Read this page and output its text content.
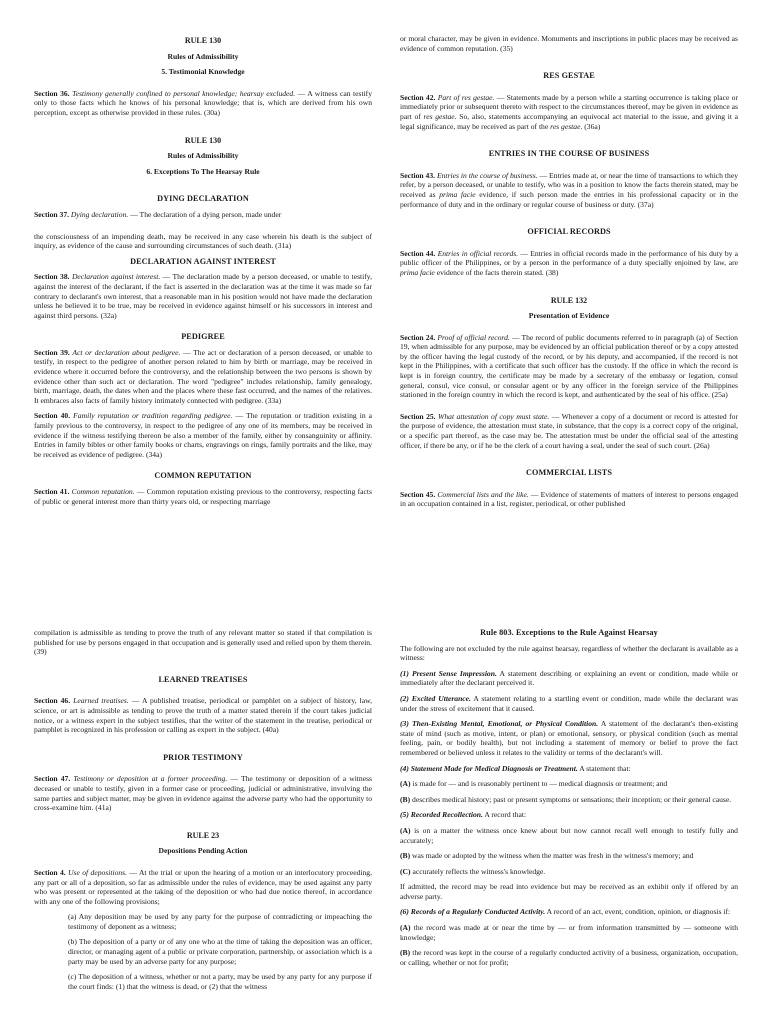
RULE 130

Rules of Admissibility

5. Testimonial Knowledge

Section 36. Testimony generally confined to personal knowledge; hearsay excluded. — A witness can testify only to those facts which he knows of his personal knowledge; that is, which are derived from his own perception, except as otherwise provided in these rules. (30a)

RULE 130

Rules of Admissibility

6. Exceptions To The Hearsay Rule

DYING DECLARATION

Section 37. Dying declaration. — The declaration of a dying person, made under

the consciousness of an impending death, may be received in any case wherein his death is the subject of inquiry, as evidence of the cause and surrounding circumstances of such death. (31a)

DECLARATION AGAINST INTEREST

Section 38. Declaration against interest. — The declaration made by a person deceased, or unable to testify, against the interest of the declarant, if the fact is asserted in the declaration was at the time it was made so far contrary to declarant's own interest, that a reasonable man in his position would not have made the declaration unless he believed it to be true, may be received in evidence against himself or his successors in interest and against third persons. (32a)

PEDIGREE

Section 39. Act or declaration about pedigree. — The act or declaration of a person deceased, or unable to testify, in respect to the pedigree of another person related to him by birth or marriage, may be received in evidence where it occurred before the controversy, and the relationship between the two persons is shown by evidence other than such act or declaration. The word "pedigree" includes relationship, family genealogy, birth, marriage, death, the dates when and the places where these fast occurred, and the names of the relatives. It embraces also facts of family history intimately connected with pedigree. (33a)

Section 40. Family reputation or tradition regarding pedigree. — The reputation or tradition existing in a family previous to the controversy, in respect to the pedigree of any one of its members, may be received in evidence if the witness testifying thereon be also a member of the family, either by consanguinity or affinity. Entries in family bibles or other family books or charts, engravings on rings, family portraits and the like, may be received as evidence of pedigree. (34a)

COMMON REPUTATION

Section 41. Common reputation. — Common reputation existing previous to the controversy, respecting facts of public or general interest more than thirty years old, or respecting marriage

or moral character, may be given in evidence. Monuments and inscriptions in public places may be received as evidence of common reputation. (35)

RES GESTAE

Section 42. Part of res gestae. — Statements made by a person while a starting occurrence is taking place or immediately prior or subsequent thereto with respect to the circumstances thereof, may be given in evidence as part of res gestae. So, also, statements accompanying an equivocal act material to the issue, and giving it a legal significance, may be received as part of the res gestae. (36a)

ENTRIES IN THE COURSE OF BUSINESS

Section 43. Entries in the course of business. — Entries made at, or near the time of transactions to which they refer, by a person deceased, or unable to testify, who was in a position to know the facts therein stated, may be received as prima facie evidence, if such person made the entries in his professional capacity or in the performance of duty and in the ordinary or regular course of business or duty. (37a)

OFFICIAL RECORDS

Section 44. Entries in official records. — Entries in official records made in the performance of his duty by a public officer of the Philippines, or by a person in the performance of a duty specially enjoined by law, are prima facie evidence of the facts therein stated. (38)

RULE 132

Presentation of Evidence

Section 24. Proof of official record. — The record of public documents referred to in paragraph (a) of Section 19, when admissible for any purpose, may be evidenced by an official publication thereof or by a copy attested by the officer having the legal custody of the record, or by his deputy, and accompanied, if the record is not kept in the Philippines, with a certificate that such officer has the custody. If the office in which the record is kept is in foreign country, the certificate may be made by a secretary of the embassy or legation, consul general, consul, vice consul, or consular agent or by any officer in the foreign service of the Philippines stationed in the foreign country in which the record is kept, and authenticated by the seal of his office. (25a)

Section 25. What attestation of copy must state. — Whenever a copy of a document or record is attested for the purpose of evidence, the attestation must state, in substance, that the copy is a correct copy of the original, or a specific part thereof, as the case may be. The attestation must be under the official seal of the attesting officer, if there be any, or if he be the clerk of a court having a seal, under the seal of such court. (26a)

COMMERCIAL LISTS

Section 45. Commercial lists and the like. — Evidence of statements of matters of interest to persons engaged in an occupation contained in a list, register, periodical, or other published

compilation is admissible as tending to prove the truth of any relevant matter so stated if that compilation is published for use by persons engaged in that occupation and is generally used and relied upon by them therein. (39)

LEARNED TREATISES

Section 46. Learned treatises. — A published treatise, periodical or pamphlet on a subject of history, law, science, or art is admissible as tending to prove the truth of a matter stated therein if the court takes judicial notice, or a witness expert in the subject testifies, that the writer of the statement in the treatise, periodical or pamphlet is recognized in his profession or calling as expert in the subject. (40a)

PRIOR TESTIMONY

Section 47. Testimony or deposition at a former proceeding. — The testimony or deposition of a witness deceased or unable to testify, given in a former case or proceeding, judicial or administrative, involving the same parties and subject matter, may be given in evidence against the adverse party who had the opportunity to cross-examine him. (41a)

RULE 23

Depositions Pending Action

Section 4. Use of depositions. — At the trial or upon the hearing of a motion or an interlocutory proceeding, any part or all of a deposition, so far as admissible under the rules of evidence, may be used against any party who was present or represented at the taking of the deposition or who had due notice thereof, in accordance with any one of the following provisions;

(a) Any deposition may be used by any party for the purpose of contradicting or impeaching the testimony of deponent as a witness;

(b) The deposition of a party or of any one who at the time of taking the deposition was an officer, director, or managing agent of a public or private corporation, partnership, or association which is a party may be used by an adverse party for any purpose;

(c) The deposition of a witness, whether or not a party, may be used by any party for any purpose if the court finds: (1) that the witness is dead, or (2) that the witness

Rule 803. Exceptions to the Rule Against Hearsay

The following are not excluded by the rule against hearsay, regardless of whether the declarant is available as a witness:

(1) Present Sense Impression. A statement describing or explaining an event or condition, made while or immediately after the declarant perceived it.

(2) Excited Utterance. A statement relating to a startling event or condition, made while the declarant was under the stress of excitement that it caused.

(3) Then-Existing Mental, Emotional, or Physical Condition. A statement of the declarant's then-existing state of mind (such as motive, intent, or plan) or emotional, sensory, or physical condition (such as mental feeling, pain, or bodily health), but not including a statement of memory or belief to prove the fact remembered or believed unless it relates to the validity or terms of the declarant's will.

(4) Statement Made for Medical Diagnosis or Treatment. A statement that:

(A) is made for — and is reasonably pertinent to — medical diagnosis or treatment; and

(B) describes medical history; past or present symptoms or sensations; their inception; or their general cause.

(5) Recorded Recollection. A record that:

(A) is on a matter the witness once knew about but now cannot recall well enough to testify fully and accurately;

(B) was made or adopted by the witness when the matter was fresh in the witness's memory; and

(C) accurately reflects the witness's knowledge.

If admitted, the record may be read into evidence but may be received as an exhibit only if offered by an adverse party.

(6) Records of a Regularly Conducted Activity. A record of an act, event, condition, opinion, or diagnosis if:

(A) the record was made at or near the time by — or from information transmitted by — someone with knowledge;

(B) the record was kept in the course of a regularly conducted activity of a business, organization, occupation, or calling, whether or not for profit;
